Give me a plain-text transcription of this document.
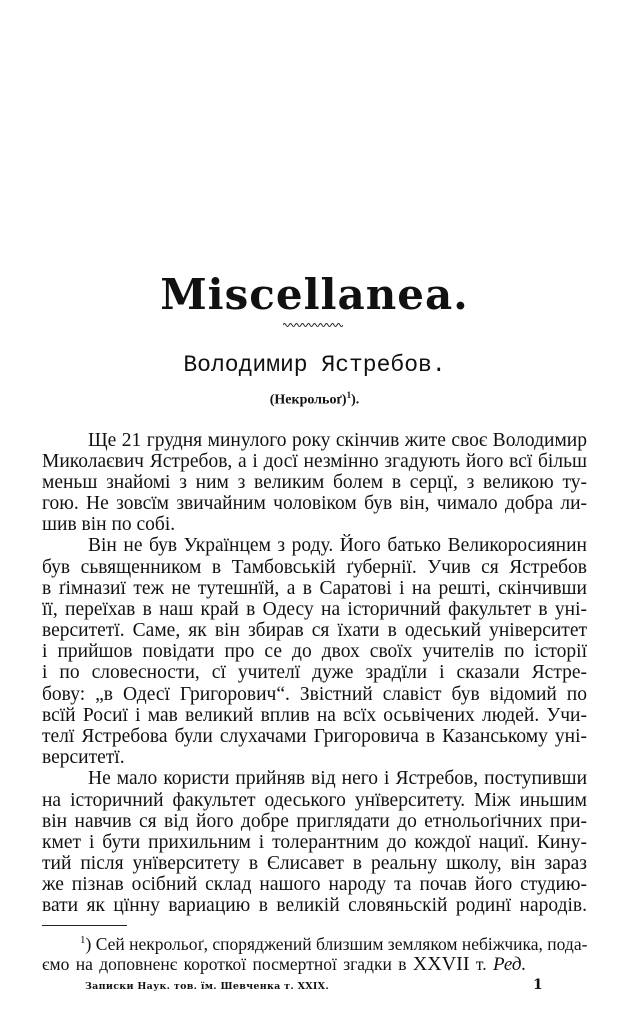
Miscellanea.
Володимир Ястребов.
(Некрольоґ)$^1$).
Ще 21 грудня минулого року скінчив жите своє Володимир
Миколаєвич Ястребов, а і досї незмінно згадують його всї більш
меньш знайомі з ним з великим болем в серцї, з великою ту-
гою. Не зовсїм звичайним чоловіком був він, чимало добра ли-
шив він по собі.
Він не був Українцем з роду. Його батько Великоросиянин
був сьвященником в Тамбовській ґубернії. Учив ся Ястребов
в ґімназиї теж не тутешнїй, а в Саратові і на решті, скінчивши
її, переїхав в наш край в Одесу на історичний факультет в уні-
верситетї. Саме, як він збирав ся їхати в одеський університет
і прийшов повідати про се до двох своїх учителів по історії
і по словесности, сї учителї дуже зрадїли і сказали Ястре-
бову: „в Одесї Григорович“. Звістний славіст був відомий по
всїй Росиї і мав великий вплив на всїх осьвічених людей. Учи-
телї Ястребова були слухачами Григоровича в Казанському уні-
верситетї.
Не мало користи прийняв від него і Ястребов, поступивши
на історичний факультет одеського унїверситету. Між иньшим
він навчив ся від його добре приглядати до етнольоґічних при-
кмет і бути прихильним і толерантним до кождої нациї. Кину-
тий після унїверситету в Єлисавет в реальну школу, він зараз
же пізнав осібний склад нашого народу та почав його студию-
вати як цїнну вариацию в великій словяньскій родинї народів.
$^1$) Сей некрольоґ, споряджений близшим земляком небіжчика, пода-
ємо на доповненє короткої посмертної згадки в XXVII т. Ред.
Записки Наук. тов. їм. Шевченка т. XXIX.	1
